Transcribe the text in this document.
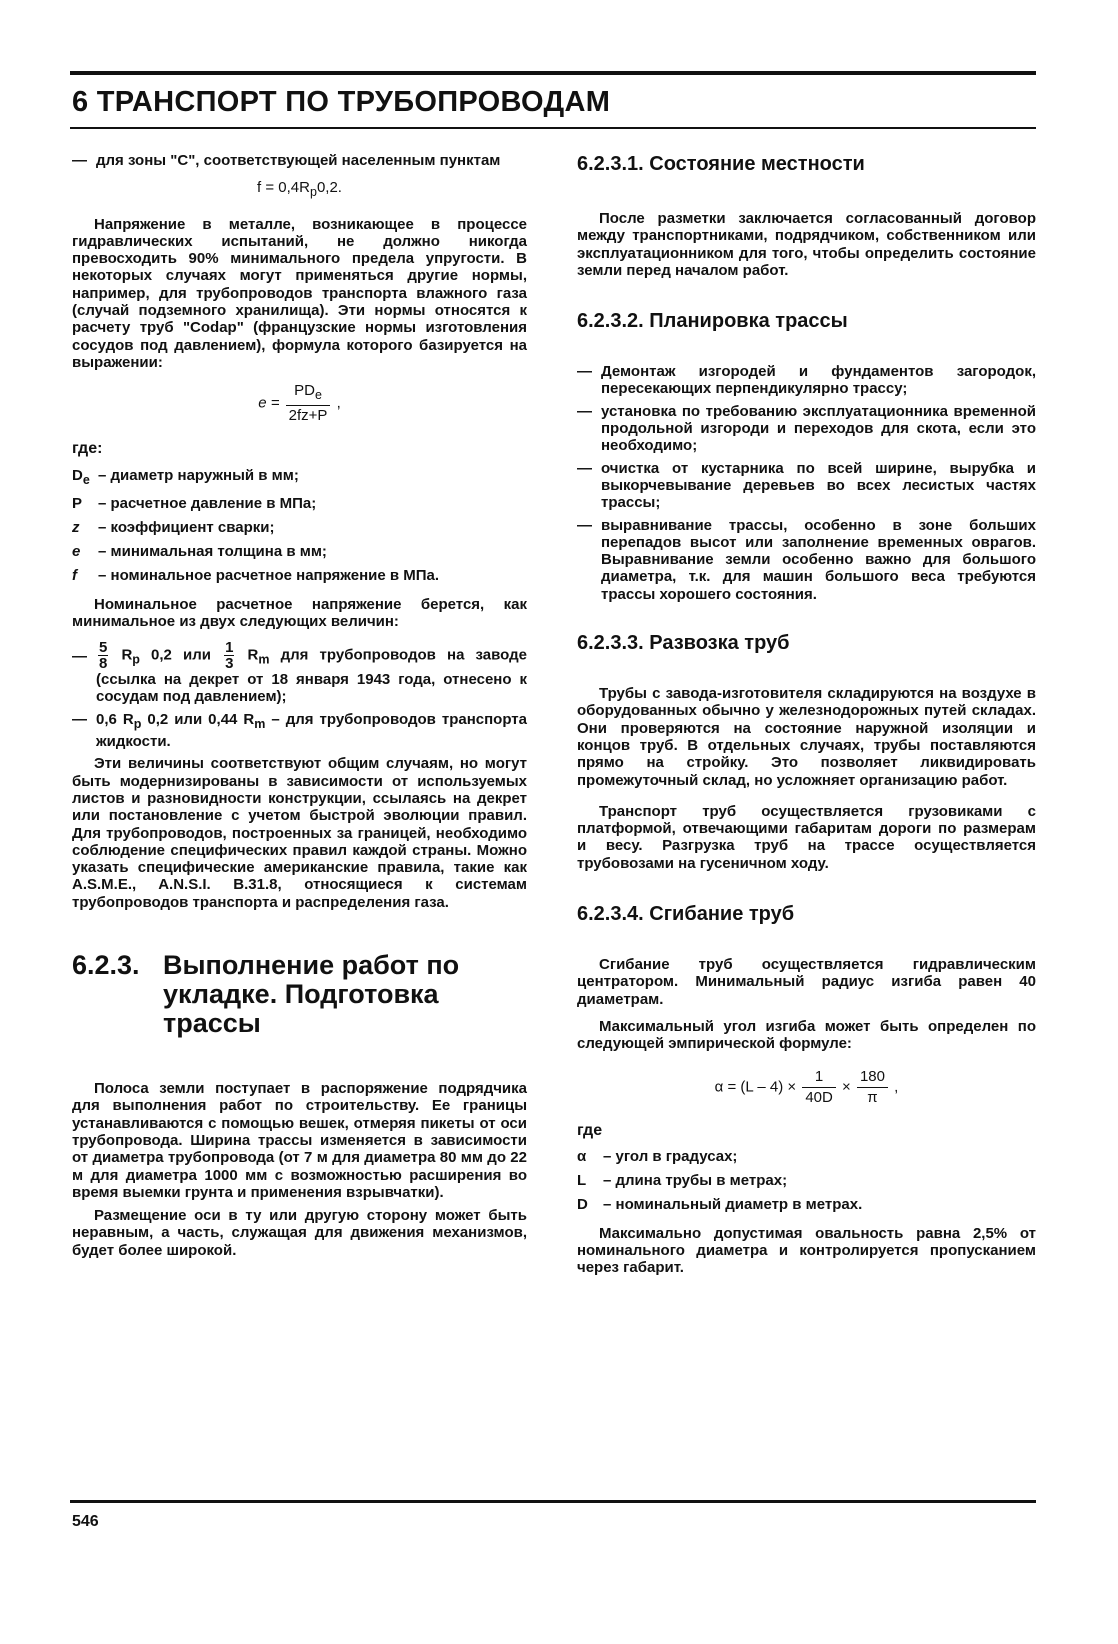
6 ТРАНСПОРТ ПО ТРУБОПРОВОДАМ
— для зоны "C", соответствующей населенным пунктам
$f = 0,4R_p0,2$.

Напряжение в металле, возникающее в процессе гидравлических испытаний, не должно никогда превосходить 90% минимального предела упругости. В некоторых случаях могут применяться другие нормы, например, для трубопроводов транспорта влажного газа (случай подземного хранилища). Эти нормы относятся к расчету труб "Codap" (французские нормы изготовления сосудов под давлением), формула которого базируется на выражении:

$e = \frac{PD_e}{2fz+P}$ ,
где:
$D_e$ – диаметр наружный в мм;
P	– расчетное давление в МПа;
z	– коэффициент сварки;
e	– минимальная толщина в мм;
f	– номинальное расчетное напряжение в МПа.

Номинальное расчетное напряжение берется, как минимальное из двух следующих величин:

— $\frac{5}{8} R_p$ 0,2 или $\frac{1}{3} R_m$ для трубопроводов на заводе (ссылка на декрет от 18 января 1943 года, отнесено к сосудам под давлением);
— 0,6 $R_p$ 0,2 или 0,44 $R_m$ – для трубопроводов транспорта жидкости.

Эти величины соответствуют общим случаям, но могут быть модернизированы в зависимости от используемых листов и разновидности конструкции, ссылаясь на декрет или постановление с учетом быстрой эволюции правил. Для трубопроводов, построенных за границей, необходимо соблюдение специфических правил каждой страны. Можно указать специфические американские правила, такие как A.S.M.E., A.N.S.I. B.31.8, относящиеся к системам трубопроводов транспорта и распределения газа.

6.2.3. Выполнение работ по укладке. Подготовка трассы

Полоса земли поступает в распоряжение подрядчика для выполнения работ по строительству. Ее границы устанавливаются с помощью вешек, отмеряя пикеты от оси трубопровода. Ширина трассы изменяется в зависимости от диаметра трубопровода (от 7 м для диаметра 80 мм до 22 м для диаметра 1000 мм с возможностью расширения во время выемки грунта и применения взрывчатки).

Размещение оси в ту или другую сторону может быть неравным, а часть, служащая для движения механизмов, будет более широкой.

6.2.3.1. Состояние местности

После разметки заключается согласованный договор между транспортниками, подрядчиком, собственником или эксплуатационником для того, чтобы определить состояние земли перед началом работ.

6.2.3.2. Планировка трассы
— Демонтаж изгородей и фундаментов загородок, пересекающих перпендикулярно трассу;
— установка по требованию эксплуатационника временной продольной изгороди и переходов для скота, если это необходимо;
— очистка от кустарника по всей ширине, вырубка и выкорчевывание деревьев во всех лесистых частях трассы;
— выравнивание трассы, особенно в зоне больших перепадов высот или заполнение временных оврагов. Выравнивание земли особенно важно для большого диаметра, т.к. для машин большого веса требуются трассы хорошего состояния.
6.2.3.3. Развозка труб

Трубы с завода-изготовителя складируются на воздухе в оборудованных обычно у железнодорожных путей складах. Они проверяются на состояние наружной изоляции и концов труб. В отдельных случаях, трубы поставляются прямо на стройку. Это позволяет ликвидировать промежуточный склад, но усложняет организацию работ.

Транспорт труб осуществляется грузовиками с платформой, отвечающими габаритам дороги по размерам и весу. Разгрузка труб на трассе осуществляется трубовозами на гусеничном ходу.

6.2.3.4. Сгибание труб

Сгибание труб осуществляется гидравлическим центратором. Минимальный радиус изгиба равен 40 диаметрам.

Максимальный угол изгиба может быть определен по следующей эмпирической формуле:

$\alpha = (L - 4) \times \frac{1}{40D} \times \frac{180}{\pi}$ ,
где
α	– угол в градусах;
L	– длина трубы в метрах;
D	– номинальный диаметр в метрах.

Максимально допустимая овальность равна 2,5% от номинального диаметра и контролируется пропусканием через габарит.

546
